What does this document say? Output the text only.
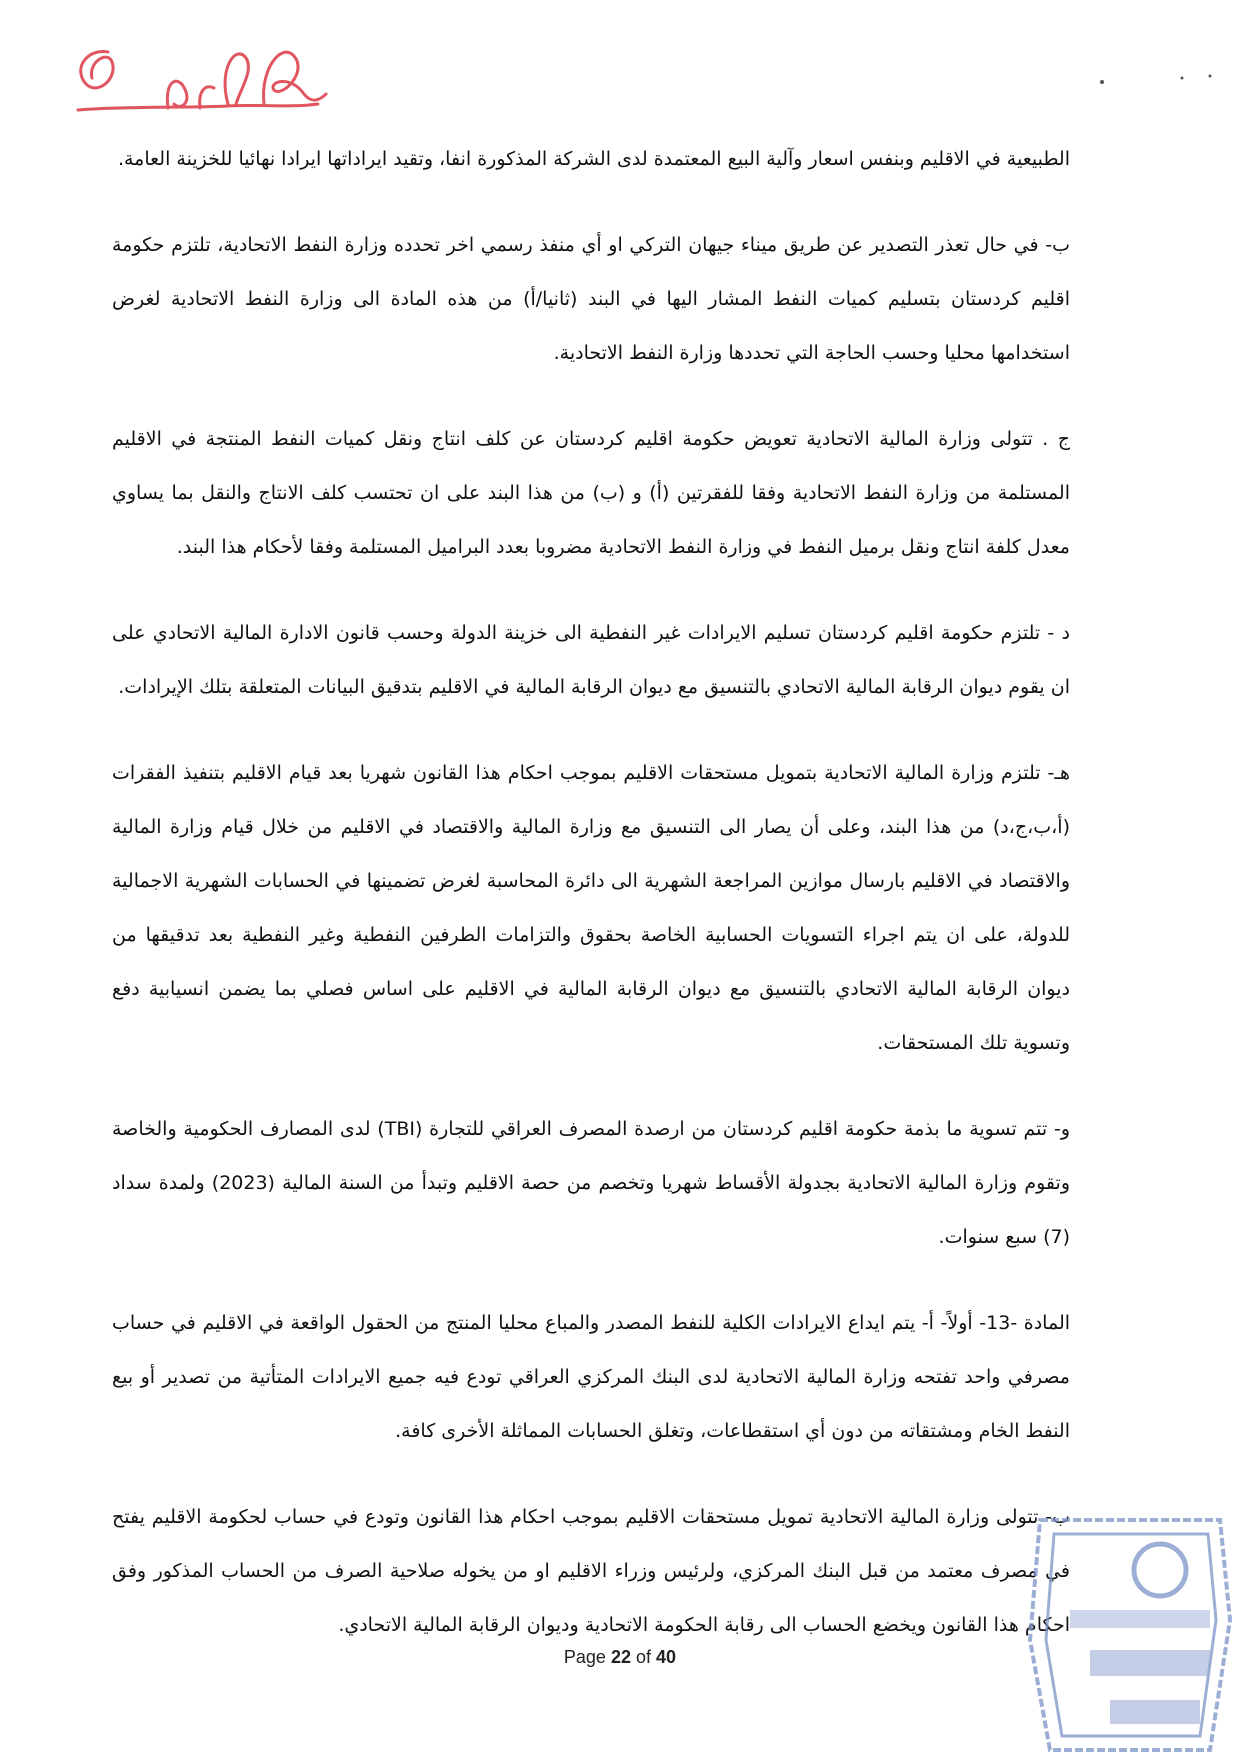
الطبيعية في الاقليم وبنفس اسعار وآلية البيع المعتمدة لدى الشركة المذكورة انفا، وتقيد ايراداتها ايرادا نهائيا للخزينة العامة.

ب- في حال تعذر التصدير عن طريق ميناء جيهان التركي او أي منفذ رسمي اخر تحدده وزارة النفط الاتحادية، تلتزم حكومة اقليم كردستان بتسليم كميات النفط المشار اليها في البند (ثانيا/أ) من هذه المادة الى وزارة النفط الاتحادية لغرض استخدامها محليا وحسب الحاجة التي تحددها وزارة النفط الاتحادية.

ج . تتولى وزارة المالية الاتحادية تعويض حكومة اقليم كردستان عن كلف انتاج ونقل كميات النفط المنتجة في الاقليم المستلمة من وزارة النفط الاتحادية وفقا للفقرتين (أ) و (ب) من هذا البند على ان تحتسب كلف الانتاج والنقل بما يساوي معدل كلفة انتاج ونقل برميل النفط في وزارة النفط الاتحادية مضروبا بعدد البراميل المستلمة وفقا لأحكام هذا البند.

د - تلتزم حكومة اقليم كردستان تسليم الايرادات غير النفطية الى خزينة الدولة وحسب قانون الادارة المالية الاتحادي على ان يقوم ديوان الرقابة المالية الاتحادي بالتنسيق مع ديوان الرقابة المالية في الاقليم بتدقيق البيانات المتعلقة بتلك الإيرادات.

هـ- تلتزم وزارة المالية الاتحادية بتمويل مستحقات الاقليم بموجب احكام هذا القانون شهريا بعد قيام الاقليم بتنفيذ الفقرات (أ،ب،ج،د) من هذا البند، وعلى أن يصار الى التنسيق مع وزارة المالية والاقتصاد في الاقليم من خلال قيام وزارة المالية والاقتصاد في الاقليم بارسال موازين المراجعة الشهرية الى دائرة المحاسبة لغرض تضمينها في الحسابات الشهرية الاجمالية للدولة، على ان يتم اجراء التسويات الحسابية الخاصة بحقوق والتزامات الطرفين النفطية وغير النفطية بعد تدقيقها من ديوان الرقابة المالية الاتحادي بالتنسيق مع ديوان الرقابة المالية في الاقليم على اساس فصلي بما يضمن انسيابية دفع وتسوية تلك المستحقات.

و- تتم تسوية ما بذمة حكومة اقليم كردستان من ارصدة المصرف العراقي للتجارة (TBI) لدى المصارف الحكومية والخاصة وتقوم وزارة المالية الاتحادية بجدولة الأقساط شهريا وتخصم من حصة الاقليم وتبدأ من السنة المالية (2023) ولمدة سداد (7) سبع سنوات.

المادة -13- أولاً- أ- يتم ايداع الايرادات الكلية للنفط المصدر والمباع محليا المنتج من الحقول الواقعة في الاقليم في حساب مصرفي واحد تفتحه وزارة المالية الاتحادية لدى البنك المركزي العراقي تودع فيه جميع الايرادات المتأتية من تصدير أو بيع النفط الخام ومشتقاته من دون أي استقطاعات، وتغلق الحسابات المماثلة الأخرى كافة.

ب- تتولى وزارة المالية الاتحادية تمويل مستحقات الاقليم بموجب احكام هذا القانون وتودع في حساب لحكومة الاقليم يفتح في مصرف معتمد من قبل البنك المركزي، ولرئيس وزراء الاقليم او من يخوله صلاحية الصرف من الحساب المذكور وفق احكام هذا القانون ويخضع الحساب الى رقابة الحكومة الاتحادية وديوان الرقابة المالية الاتحادي.

Page 22 of 40
